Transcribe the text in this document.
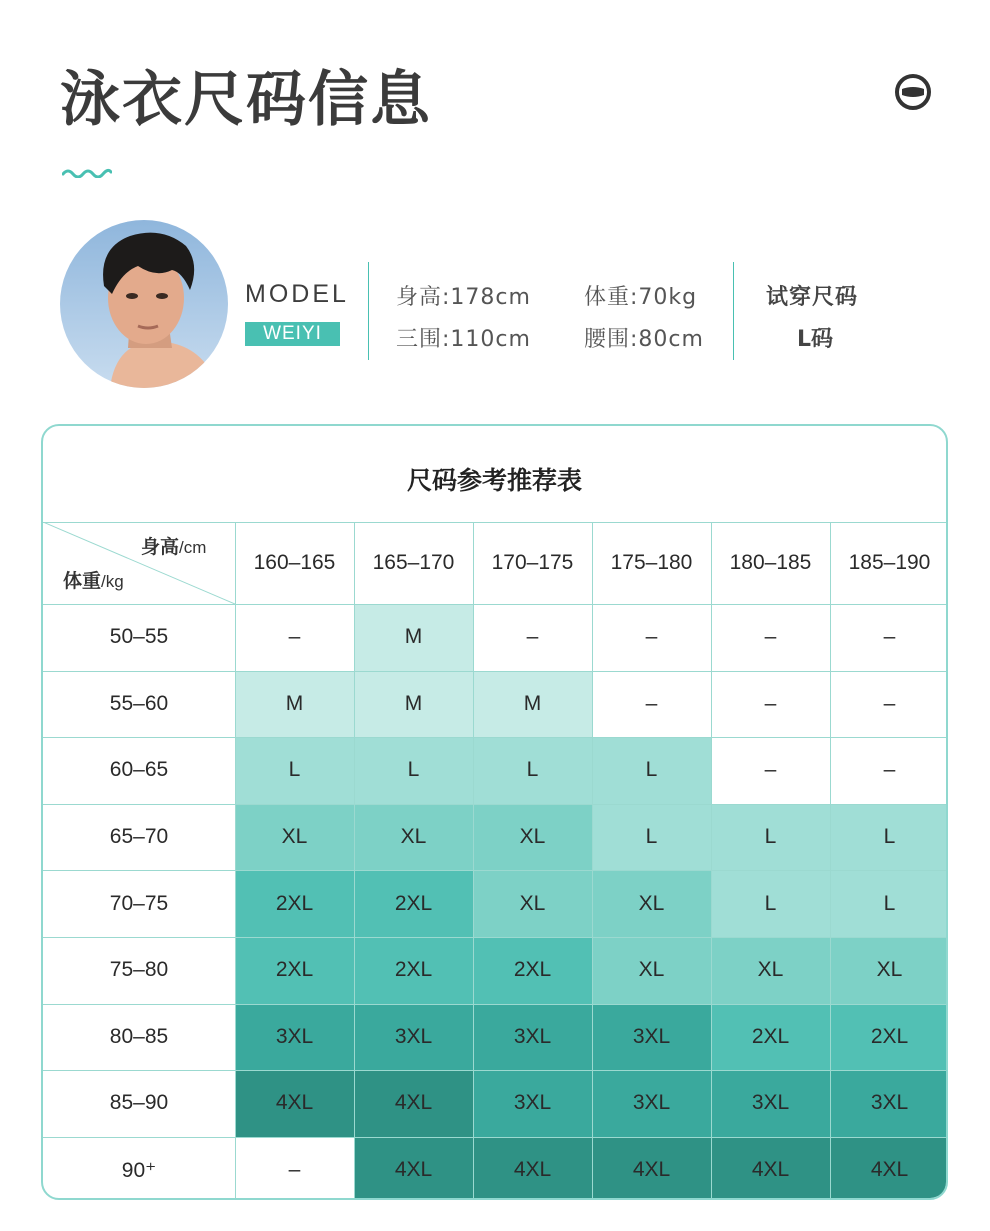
泳衣尺码信息
MODEL
WEIYI
身高:178cm 体重:70kg
三围:110cm 腰围:80cm
试穿尺码
L码
尺码参考推荐表
身高/cm
体重/kg
160–165	165–170	170–175	175–180	180–185	185–190
50–55	–	M	–	–	–	–
55–60	M	M	M	–	–	–
60–65	L	L	L	L	–	–
65–70	XL	XL	XL	L	L	L
70–75	2XL	2XL	XL	XL	L	L
75–80	2XL	2XL	2XL	XL	XL	XL
80–85	3XL	3XL	3XL	3XL	2XL	2XL
85–90	4XL	4XL	3XL	3XL	3XL	3XL
90⁺	–	4XL	4XL	4XL	4XL	4XL
